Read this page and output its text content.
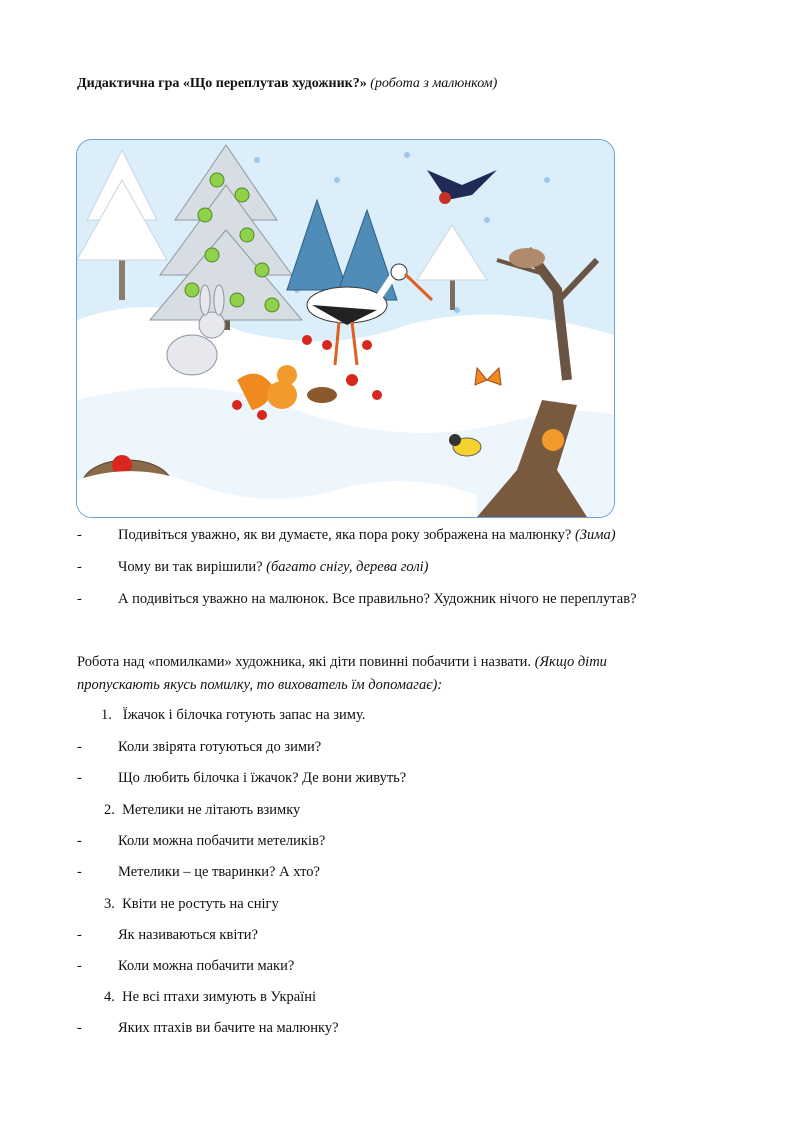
Дидактична гра «Що переплутав художник?» (робота з малюнком)
- Подивіться уважно, як ви думаєте, яка пора року зображена на малюнку? (Зима)
- Чому ви так вирішили? (багато снігу, дерева голі)
- А подивіться уважно на малюнок. Все правильно? Художник нічого не переплутав?
Робота над «помилками» художника, які діти повинні побачити і назвати. (Якщо діти
пропускають якусь помилку, то вихователь їм допомагає):
1. Їжачок і білочка готують запас на зиму.
- Коли звірята готуються до зими?
- Що любить білочка і їжачок? Де вони живуть?
2. Метелики не літають взимку
- Коли можна побачити метеликів?
- Метелики – це тваринки? А хто?
3. Квіти не ростуть на снігу
- Як називаються квіти?
- Коли можна побачити маки?
4. Не всі птахи зимують в Україні
- Яких птахів ви бачите на малюнку?
